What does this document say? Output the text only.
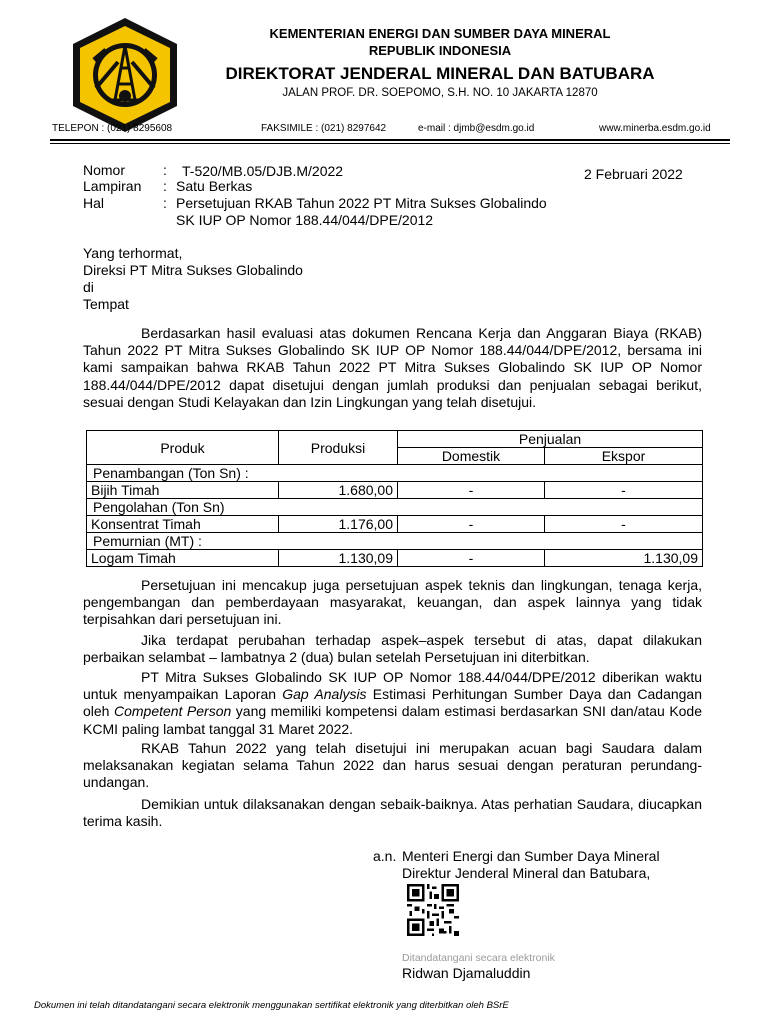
KEMENTERIAN ENERGI DAN SUMBER DAYA MINERAL
REPUBLIK INDONESIA
DIREKTORAT JENDERAL MINERAL DAN BATUBARA
JALAN PROF. DR. SOEPOMO, S.H. NO. 10 JAKARTA 12870
TELEPON : (021) 8295608	FAKSIMILE : (021) 8297642	e-mail : djmb@esdm.go.id	www.minerba.esdm.go.id
Nomor	: T-520/MB.05/DJB.M/2022	2 Februari 2022
Lampiran : Satu Berkas
Hal	: Persetujuan RKAB Tahun 2022 PT Mitra Sukses Globalindo
SK IUP OP Nomor 188.44/044/DPE/2012
Yang terhormat,
Direksi PT Mitra Sukses Globalindo
di
Tempat
Berdasarkan hasil evaluasi atas dokumen Rencana Kerja dan Anggaran Biaya (RKAB) Tahun 2022 PT Mitra Sukses Globalindo SK IUP OP Nomor 188.44/044/DPE/2012, bersama ini kami sampaikan bahwa RKAB Tahun 2022 PT Mitra Sukses Globalindo SK IUP OP Nomor 188.44/044/DPE/2012 dapat disetujui dengan jumlah produksi dan penjualan sebagai berikut, sesuai dengan Studi Kelayakan dan Izin Lingkungan yang telah disetujui.
Produk	Produksi	Penjualan	
		Domestik	Ekspor
Penambangan (Ton Sn) :			
Bijih Timah	1.680,00	-	-
Pengolahan (Ton Sn)			
Konsentrat Timah	1.176,00	-	-
Pemurnian (MT) :			
Logam Timah	1.130,09	-	1.130,09
Persetujuan ini mencakup juga persetujuan aspek teknis dan lingkungan, tenaga kerja, pengembangan dan pemberdayaan masyarakat, keuangan, dan aspek lainnya yang tidak terpisahkan dari persetujuan ini.
Jika terdapat perubahan terhadap aspek–aspek tersebut di atas, dapat dilakukan perbaikan selambat – lambatnya 2 (dua) bulan setelah Persetujuan ini diterbitkan.
PT Mitra Sukses Globalindo SK IUP OP Nomor 188.44/044/DPE/2012 diberikan waktu untuk menyampaikan Laporan Gap Analysis Estimasi Perhitungan Sumber Daya dan Cadangan oleh Competent Person yang memiliki kompetensi dalam estimasi berdasarkan SNI dan/atau Kode KCMI paling lambat tanggal 31 Maret 2022.
RKAB Tahun 2022 yang telah disetujui ini merupakan acuan bagi Saudara dalam melaksanakan kegiatan selama Tahun 2022 dan harus sesuai dengan peraturan perundang-undangan.
Demikian untuk dilaksanakan dengan sebaik-baiknya. Atas perhatian Saudara, diucapkan terima kasih.
a.n. Menteri Energi dan Sumber Daya Mineral
Direktur Jenderal Mineral dan Batubara,
Ditandatangani secara elektronik
Ridwan Djamaluddin
Dokumen ini telah ditandatangani secara elektronik menggunakan sertifikat elektronik yang diterbitkan oleh BSrE
